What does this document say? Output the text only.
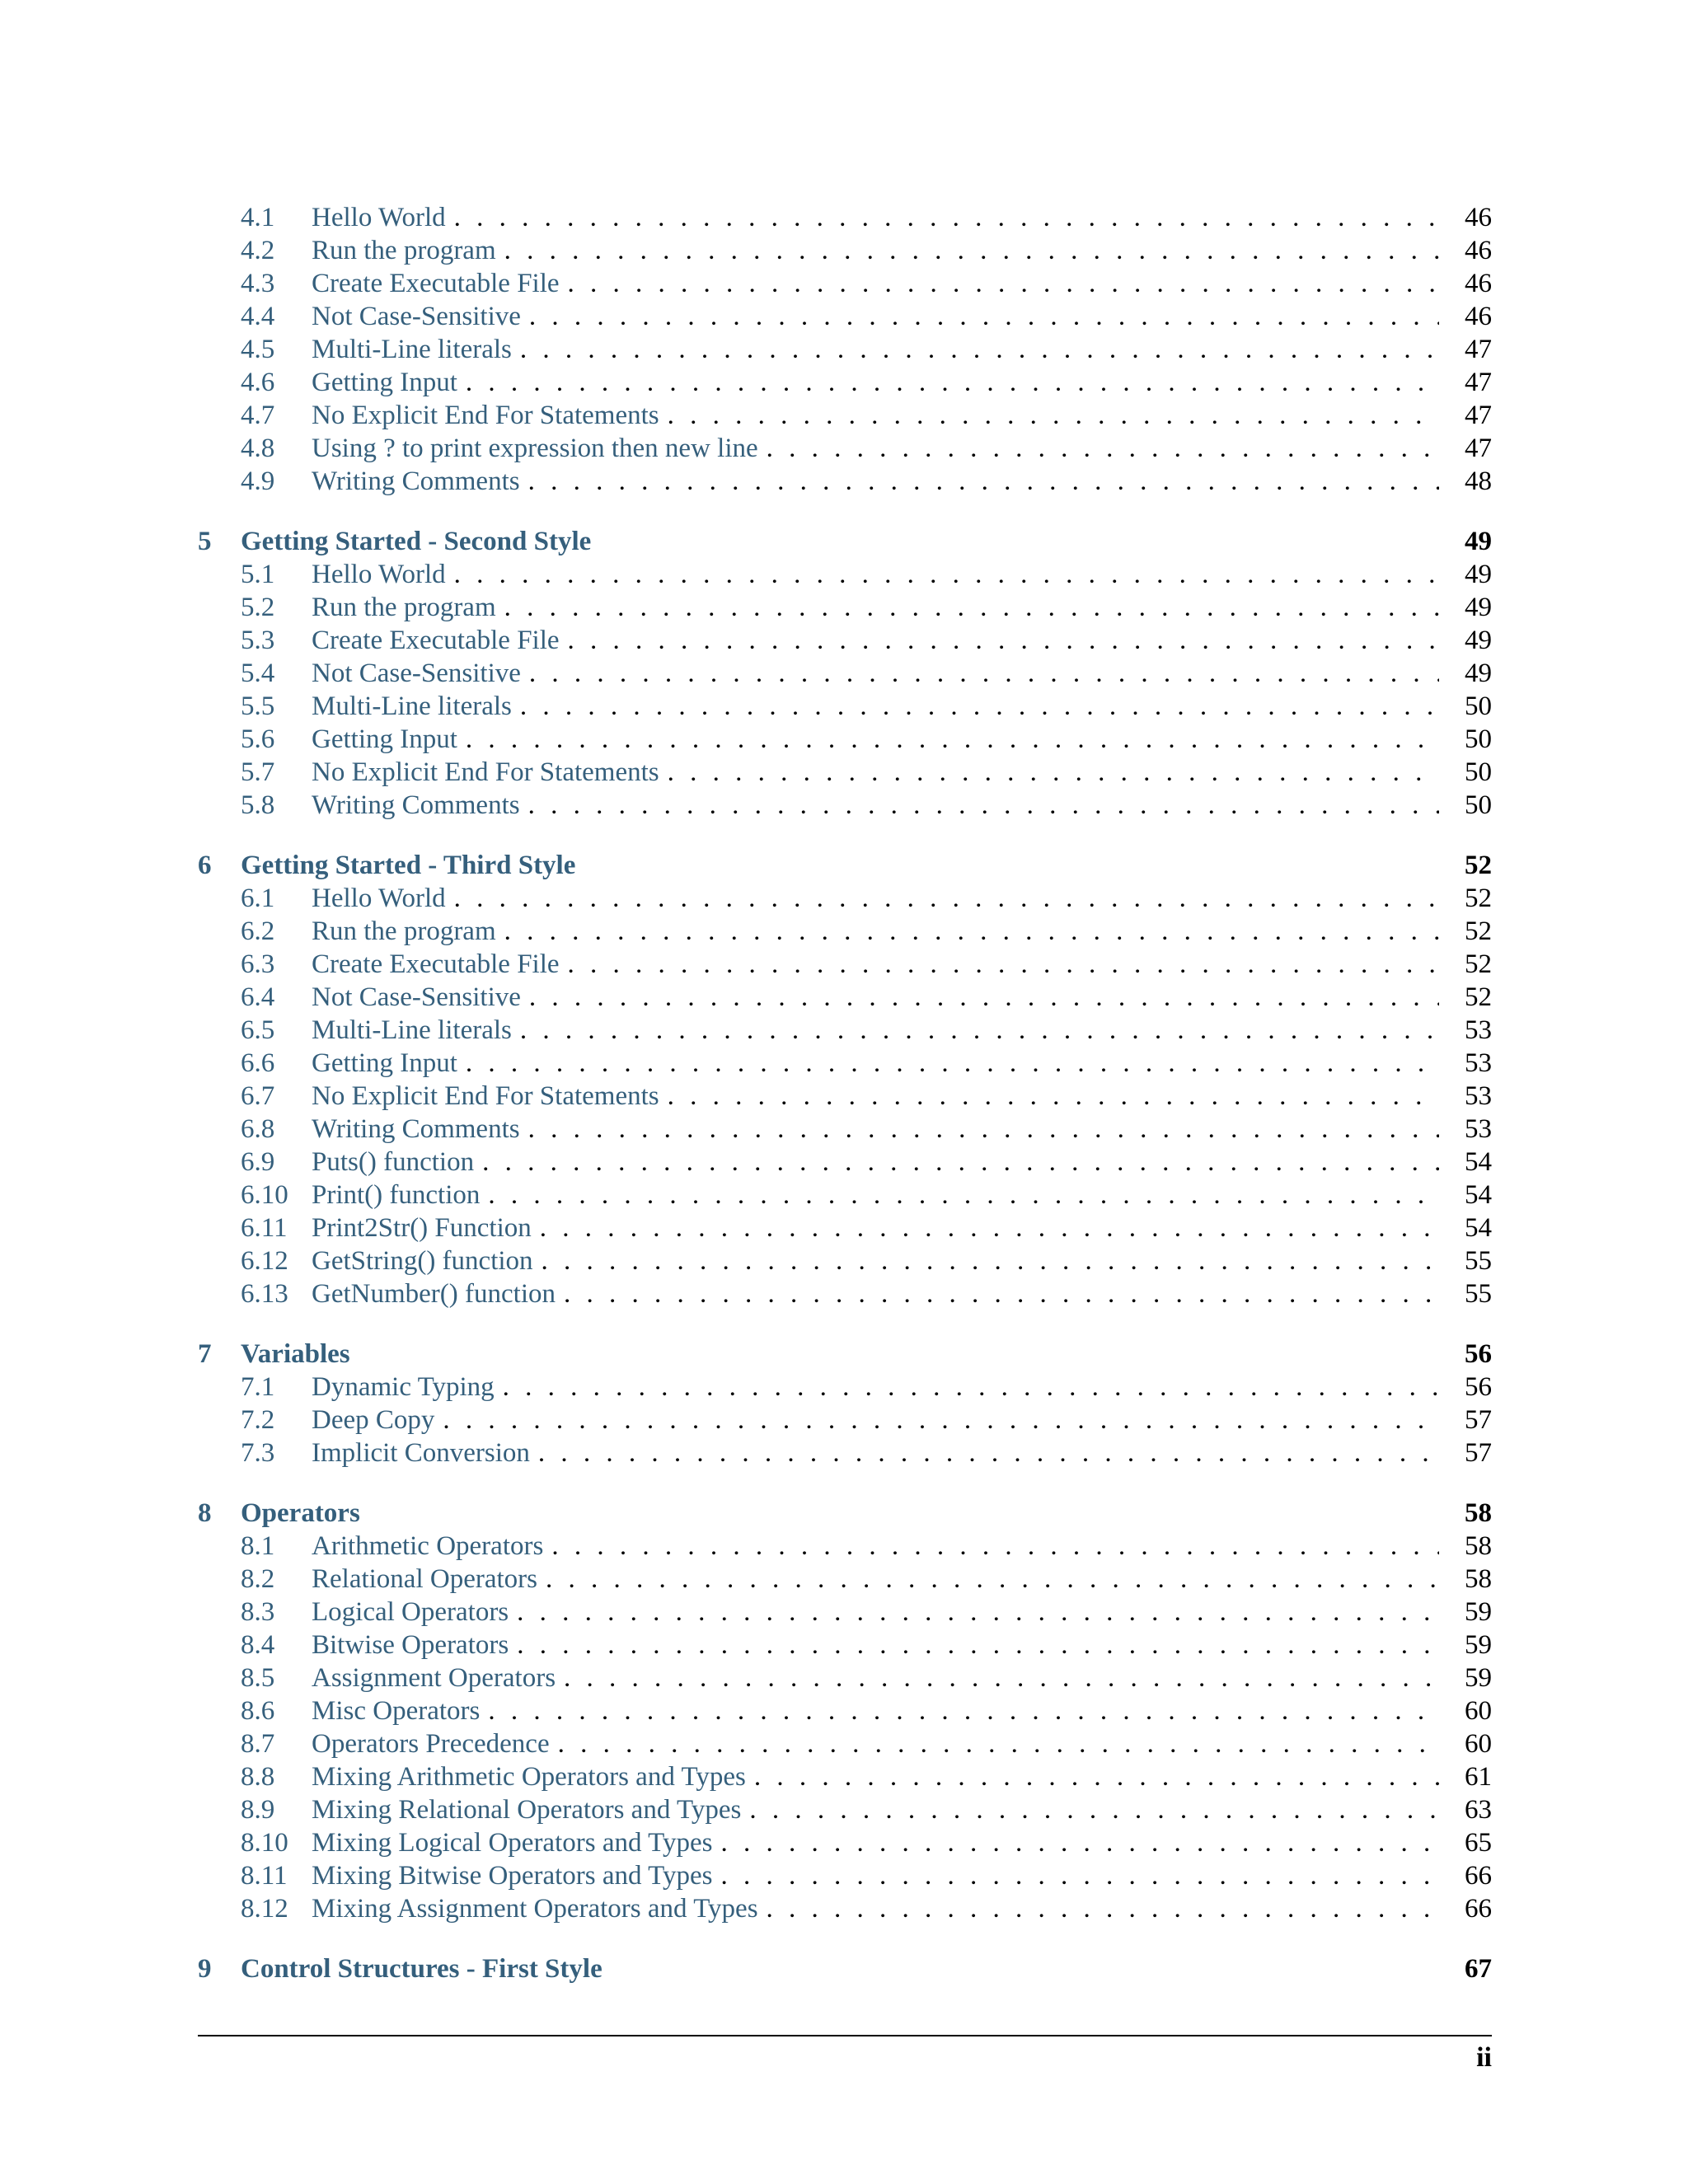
4.1	Hello World . . .	46
4.2	Run the program . . .	46
4.3	Create Executable File . . .	46
4.4	Not Case-Sensitive . . .	46
4.5	Multi-Line literals . . .	47
4.6	Getting Input . . .	47
4.7	No Explicit End For Statements . . .	47
4.8	Using ? to print expression then new line . . .	47
4.9	Writing Comments . . .	48
5	Getting Started - Second Style	49
5.1	Hello World . . .	49
5.2	Run the program . . .	49
5.3	Create Executable File . . .	49
5.4	Not Case-Sensitive . . .	49
5.5	Multi-Line literals . . .	50
5.6	Getting Input . . .	50
5.7	No Explicit End For Statements . . .	50
5.8	Writing Comments . . .	50
6	Getting Started - Third Style	52
6.1	Hello World . . .	52
6.2	Run the program . . .	52
6.3	Create Executable File . . .	52
6.4	Not Case-Sensitive . . .	52
6.5	Multi-Line literals . . .	53
6.6	Getting Input . . .	53
6.7	No Explicit End For Statements . . .	53
6.8	Writing Comments . . .	53
6.9	Puts() function . . .	54
6.10 Print() function . . .	54
6.11 Print2Str() Function . . .	54
6.12 GetString() function . . .	55
6.13 GetNumber() function . . .	55
7	Variables	56
7.1	Dynamic Typing . . .	56
7.2	Deep Copy . . .	57
7.3	Implicit Conversion . . .	57
8	Operators	58
8.1	Arithmetic Operators . . .	58
8.2	Relational Operators . . .	58
8.3	Logical Operators . . .	59
8.4	Bitwise Operators . . .	59
8.5	Assignment Operators . . .	59
8.6	Misc Operators . . .	60
8.7	Operators Precedence . . .	60
8.8	Mixing Arithmetic Operators and Types . . .	61
8.9	Mixing Relational Operators and Types . . .	63
8.10 Mixing Logical Operators and Types . . .	65
8.11 Mixing Bitwise Operators and Types . . .	66
8.12 Mixing Assignment Operators and Types . . .	66
9	Control Structures - First Style	67
ii
